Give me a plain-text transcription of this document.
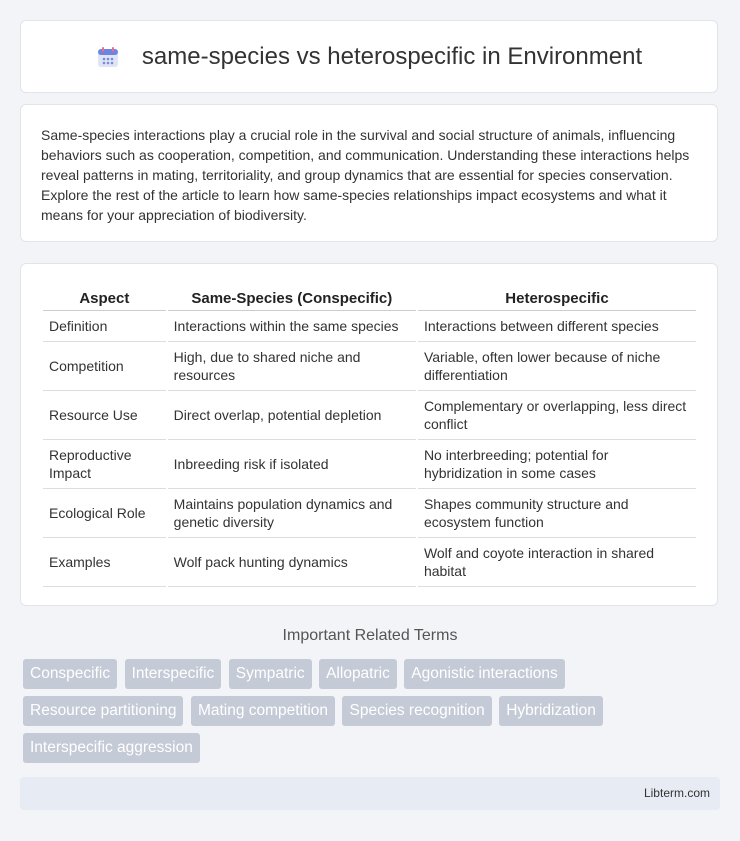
same-species vs heterospecific in Environment

Same-species interactions play a crucial role in the survival and social structure of animals, influencing behaviors such as cooperation, competition, and communication. Understanding these interactions helps reveal patterns in mating, territoriality, and group dynamics that are essential for species conservation. Explore the rest of the article to learn how same-species relationships impact ecosystems and what it means for your appreciation of biodiversity.

Aspect	Same-Species (Conspecific)	Heterospecific
Definition	Interactions within the same species	Interactions between different species
Competition	High, due to shared niche and resources	Variable, often lower because of niche differentiation
Resource Use	Direct overlap, potential depletion	Complementary or overlapping, less direct conflict
Reproductive Impact	Inbreeding risk if isolated	No interbreeding; potential for hybridization in some cases
Ecological Role	Maintains population dynamics and genetic diversity	Shapes community structure and ecosystem function
Examples	Wolf pack hunting dynamics	Wolf and coyote interaction in shared habitat
Important Related Terms
Conspecific Interspecific Sympatric Allopatric Agonistic interactions Resource partitioning Mating competition Species recognition Hybridization Interspecific aggression
Libterm.com
